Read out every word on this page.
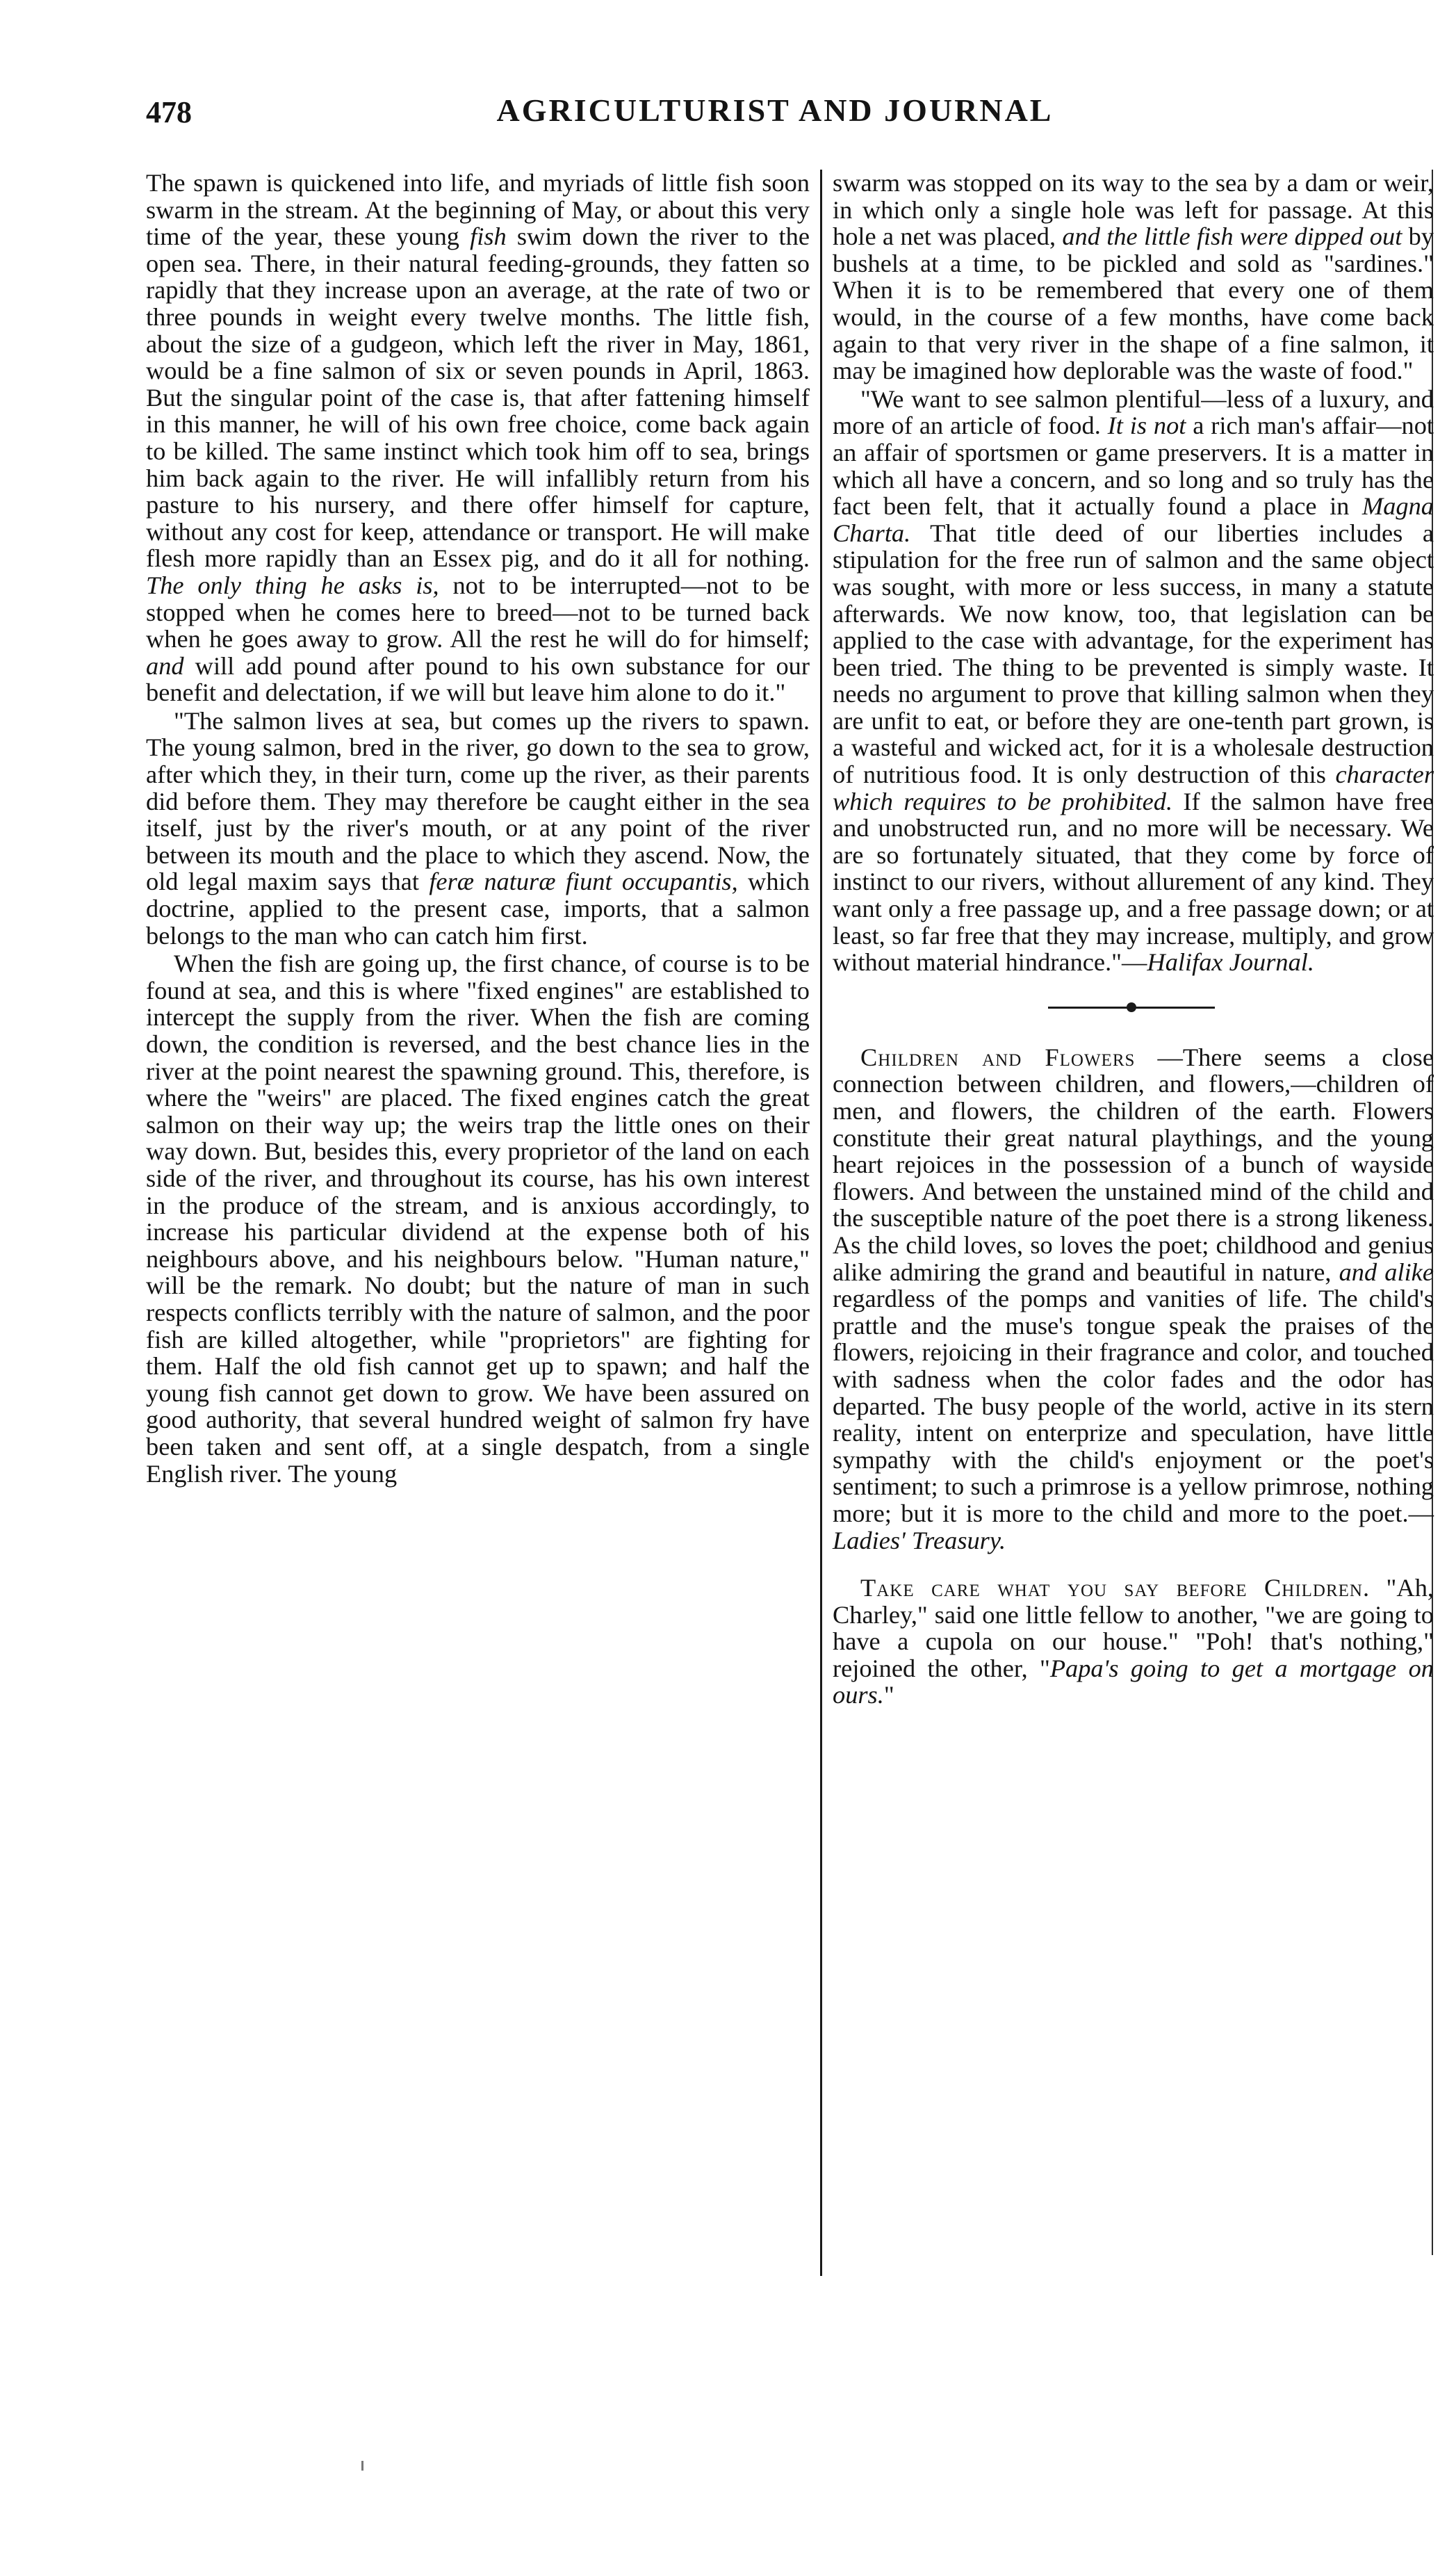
478	AGRICULTURIST AND JOURNAL

The spawn is quickened into life, and myriads of little fish soon swarm in the stream. At the beginning of May, or about this very time of the year, these young fish swim down the river to the open sea. There, in their natural feeding-grounds, they fatten so rapidly that they increase upon an average, at the rate of two or three pounds in weight every twelve months. The little fish, about the size of a gudgeon, which left the river in May, 1861, would be a fine salmon of six or seven pounds in April, 1863. But the singular point of the case is, that after fattening himself in this manner, he will of his own free choice, come back again to be killed. The same instinct which took him off to sea, brings him back again to the river. He will infallibly return from his pasture to his nursery, and there offer himself for capture, without any cost for keep, attendance or transport. He will make flesh more rapidly than an Essex pig, and do it all for nothing. The only thing he asks is, not to be interrupted—not to be stopped when he comes here to breed—not to be turned back when he goes away to grow. All the rest he will do for himself; and will add pound after pound to his own substance for our benefit and delectation, if we will but leave him alone to do it."

"The salmon lives at sea, but comes up the rivers to spawn. The young salmon, bred in the river, go down to the sea to grow, after which they, in their turn, come up the river, as their parents did before them. They may therefore be caught either in the sea itself, just by the river's mouth, or at any point of the river between its mouth and the place to which they ascend. Now, the old legal maxim says that feræ naturæ fiunt occupantis, which doctrine, applied to the present case, imports, that a salmon belongs to the man who can catch him first.

When the fish are going up, the first chance, of course is to be found at sea, and this is where "fixed engines" are established to intercept the supply from the river. When the fish are coming down, the condition is reversed, and the best chance lies in the river at the point nearest the spawning ground. This, therefore, is where the "weirs" are placed. The fixed engines catch the great salmon on their way up; the weirs trap the little ones on their way down. But, besides this, every proprietor of the land on each side of the river, and throughout its course, has his own interest in the produce of the stream, and is anxious accordingly, to increase his particular dividend at the expense both of his neighbours above, and his neighbours below. "Human nature," will be the remark. No doubt; but the nature of man in such respects conflicts terribly with the nature of salmon, and the poor fish are killed altogether, while "proprietors" are fighting for them. Half the old fish cannot get up to spawn; and half the young fish cannot get down to grow. We have been assured on good authority, that several hundred weight of salmon fry have been taken and sent off, at a single despatch, from a single English river. The young

swarm was stopped on its way to the sea by a dam or weir, in which only a single hole was left for passage. At this hole a net was placed, and the little fish were dipped out by bushels at a time, to be pickled and sold as "sardines." When it is to be remembered that every one of them would, in the course of a few months, have come back again to that very river in the shape of a fine salmon, it may be imagined how deplorable was the waste of food."

"We want to see salmon plentiful—less of a luxury, and more of an article of food. It is not a rich man's affair—not an affair of sportsmen or game preservers. It is a matter in which all have a concern, and so long and so truly has the fact been felt, that it actually found a place in Magna Charta. That title deed of our liberties includes a stipulation for the free run of salmon and the same object was sought, with more or less success, in many a statute afterwards. We now know, too, that legislation can be applied to the case with advantage, for the experiment has been tried. The thing to be prevented is simply waste. It needs no argument to prove that killing salmon when they are unfit to eat, or before they are one-tenth part grown, is a wasteful and wicked act, for it is a wholesale destruction of nutritious food. It is only destruction of this character which requires to be prohibited. If the salmon have free and unobstructed run, and no more will be necessary. We are so fortunately situated, that they come by force of instinct to our rivers, without allurement of any kind. They want only a free passage up, and a free passage down; or at least, so far free that they may increase, multiply, and grow without material hindrance."—Halifax Journal.

Children and Flowers —There seems a close connection between children, and flowers,—children of men, and flowers, the children of the earth. Flowers constitute their great natural playthings, and the young heart rejoices in the possession of a bunch of wayside flowers. And between the unstained mind of the child and the susceptible nature of the poet there is a strong likeness. As the child loves, so loves the poet; childhood and genius alike admiring the grand and beautiful in nature, and alike regardless of the pomps and vanities of life. The child's prattle and the muse's tongue speak the praises of the flowers, rejoicing in their fragrance and color, and touched with sadness when the color fades and the odor has departed. The busy people of the world, active in its stern reality, intent on enterprize and speculation, have little sympathy with the child's enjoyment or the poet's sentiment; to such a primrose is a yellow primrose, nothing more; but it is more to the child and more to the poet.—Ladies' Treasury.

Take care what you say before Children. "Ah, Charley," said one little fellow to another, "we are going to have a cupola on our house." "Poh! that's nothing," rejoined the other, "Papa's going to get a mortgage on ours."
